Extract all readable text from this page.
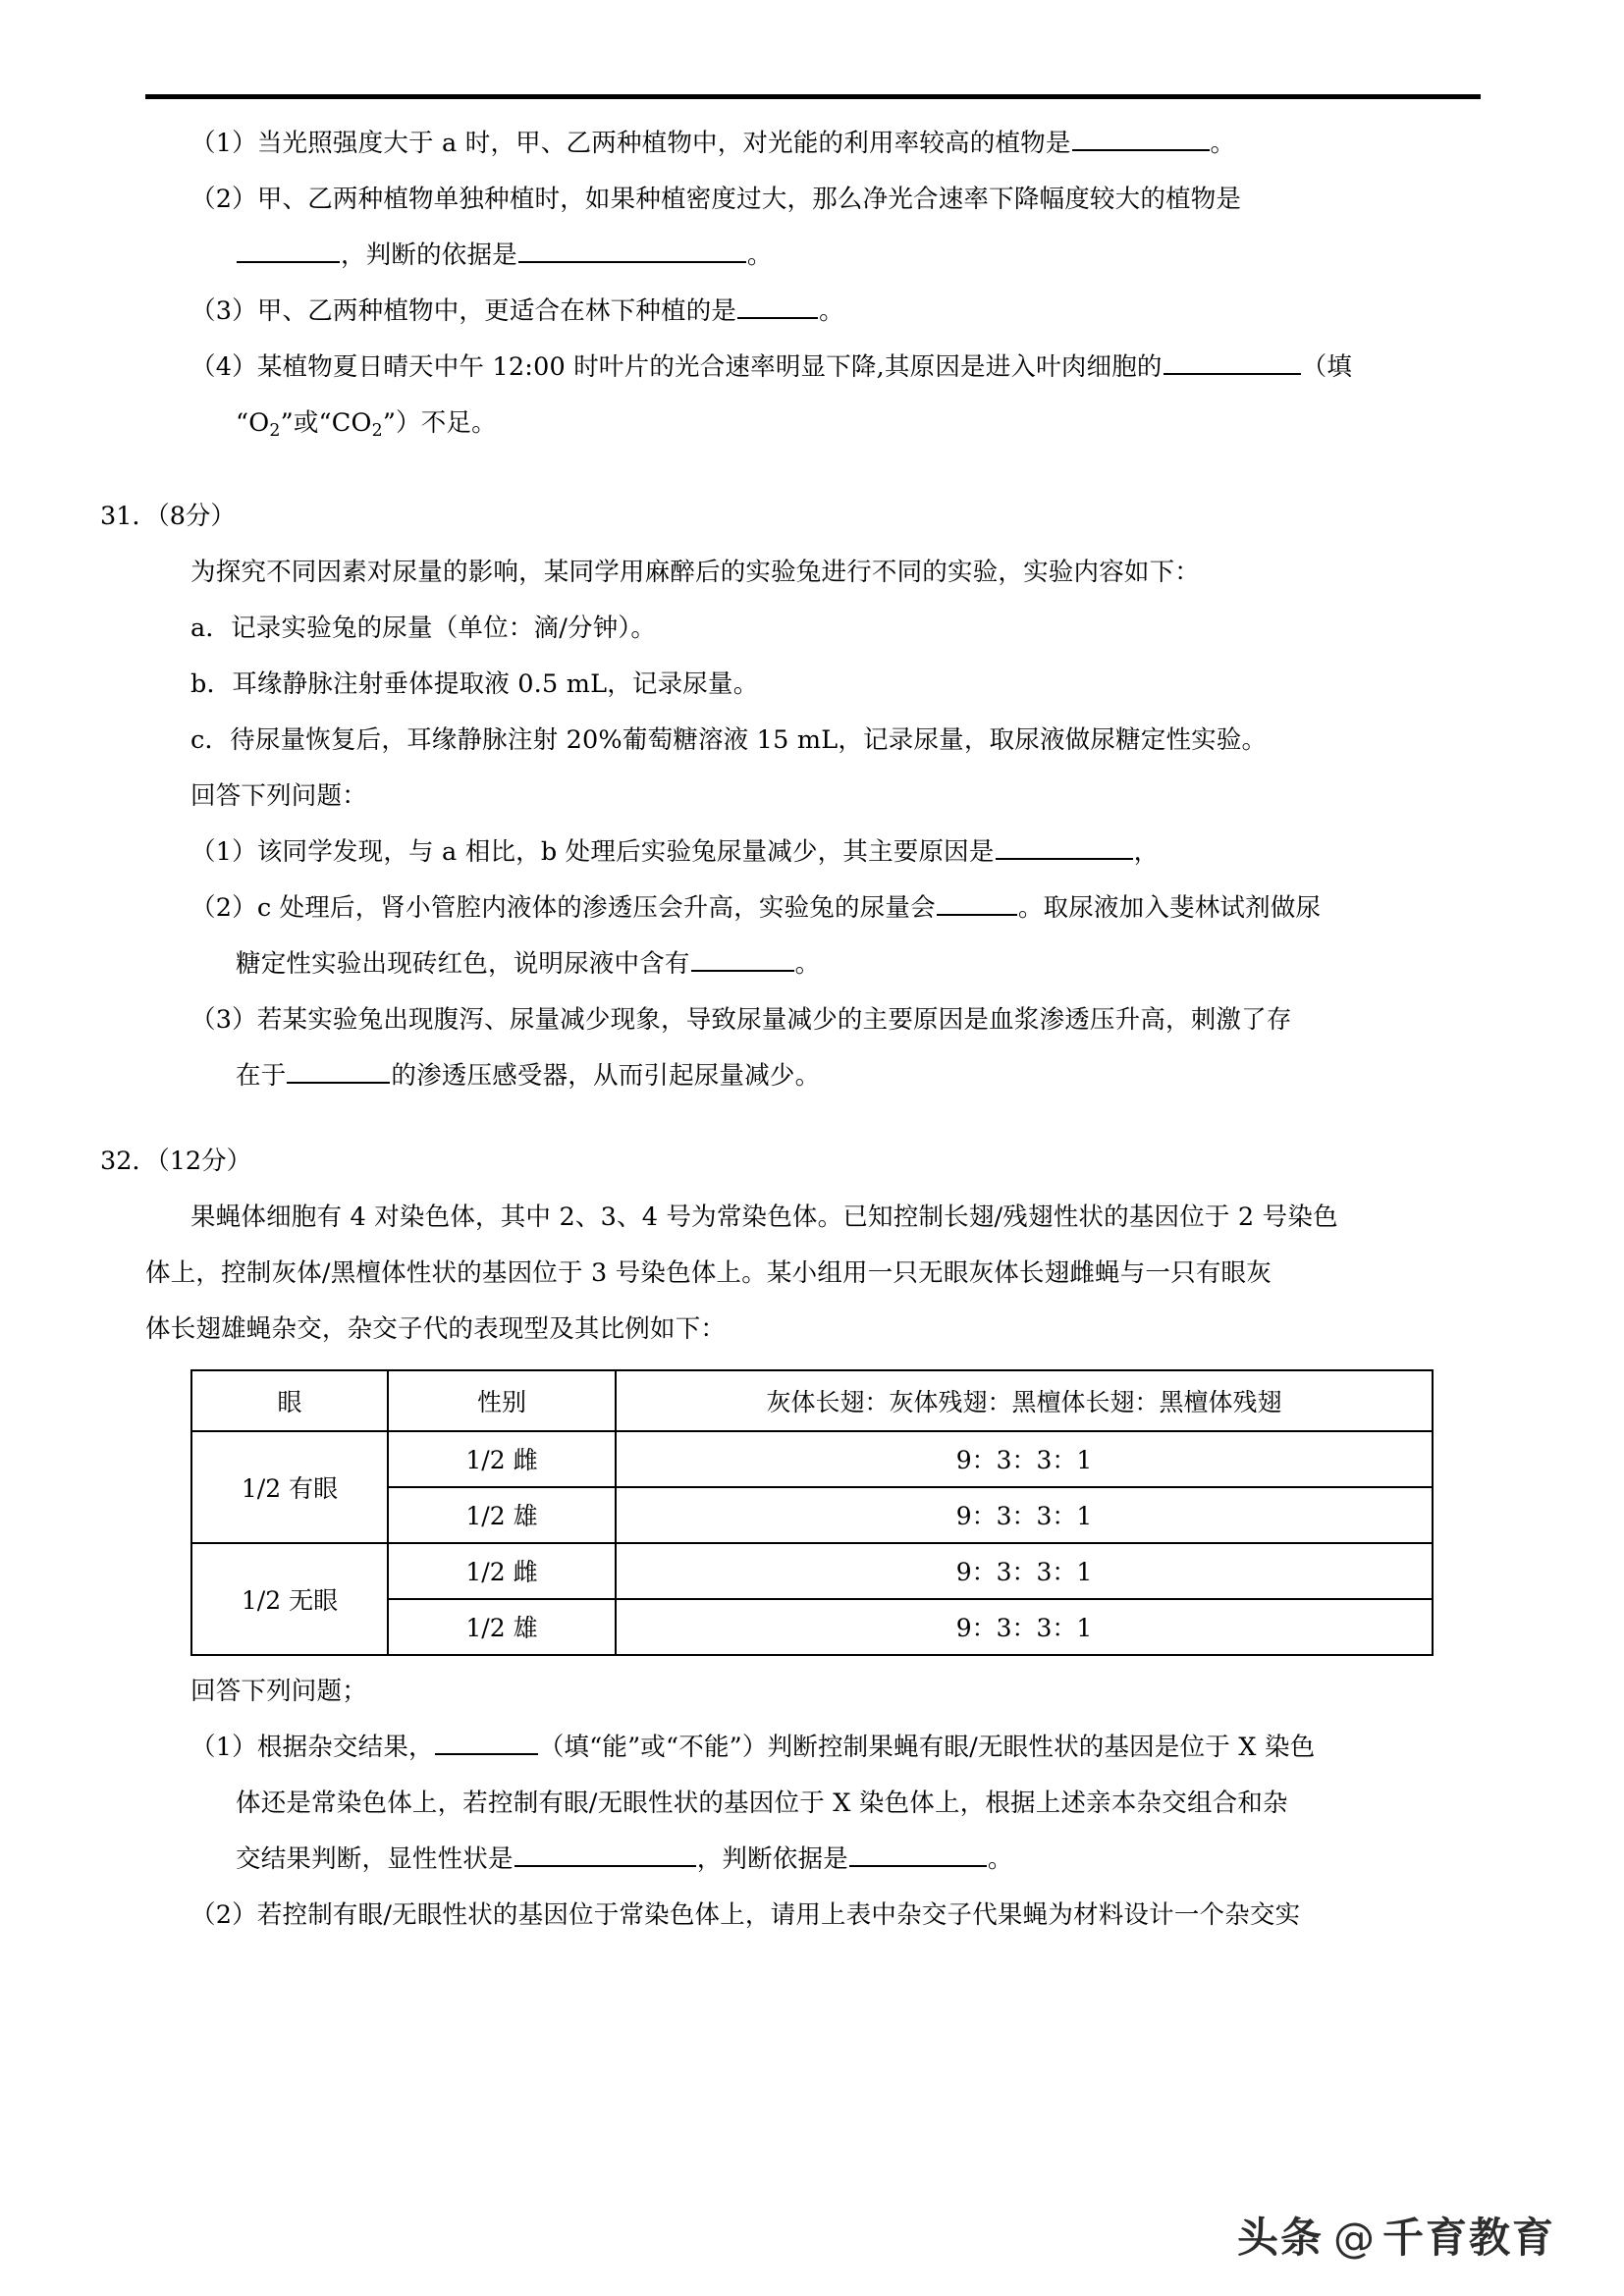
（1）当光照强度大于 a 时，甲、乙两种植物中，对光能的利用率较高的植物是	。
（2）甲、乙两种植物单独种植时，如果种植密度过大，那么净光合速率下降幅度较大的植物是
，判断的依据是	。
（3）甲、乙两种植物中，更适合在林下种植的是	。
（4）某植物夏日晴天中午 12:00 时叶片的光合速率明显下降,其原因是进入叶肉细胞的	（填
“$O_2$”或“$CO_2$”）不足。
31．（8分）
为探究不同因素对尿量的影响，某同学用麻醉后的实验兔进行不同的实验，实验内容如下：
a．记录实验兔的尿量（单位：滴/分钟）。
b．耳缘静脉注射垂体提取液 0.5 mL，记录尿量。
c．待尿量恢复后，耳缘静脉注射 20%葡萄糖溶液 15 mL，记录尿量，取尿液做尿糖定性实验。
回答下列问题：
（1）该同学发现，与 a 相比，b 处理后实验兔尿量减少，其主要原因是	，
（2）c 处理后，肾小管腔内液体的渗透压会升高，实验兔的尿量会	。取尿液加入斐林试剂做尿
糖定性实验出现砖红色，说明尿液中含有	。
（3）若某实验兔出现腹泻、尿量减少现象，导致尿量减少的主要原因是血浆渗透压升高，刺激了存
在于	的渗透压感受器，从而引起尿量减少。
32．（12分）
果蝇体细胞有 4 对染色体，其中 2、3、4 号为常染色体。已知控制长翅/残翅性状的基因位于 2 号染色
体上，控制灰体/黑檀体性状的基因位于 3 号染色体上。某小组用一只无眼灰体长翅雌蝇与一只有眼灰
体长翅雄蝇杂交，杂交子代的表现型及其比例如下：
眼	性别	灰体长翅：灰体残翅：黑檀体长翅：黑檀体残翅
1/2 有眼	1/2 雌	9：3：3：1
	1/2 雄	9：3：3：1
1/2 无眼	1/2 雌	9：3：3：1
	1/2 雄	9：3：3：1
回答下列问题；
（1）根据杂交结果，	（填“能”或“不能”）判断控制果蝇有眼/无眼性状的基因是位于 X 染色
体还是常染色体上，若控制有眼/无眼性状的基因位于 X 染色体上，根据上述亲本杂交组合和杂
交结果判断，显性性状是	，判断依据是	。
（2）若控制有眼/无眼性状的基因位于常染色体上，请用上表中杂交子代果蝇为材料设计一个杂交实
头条 @ 千育教育
